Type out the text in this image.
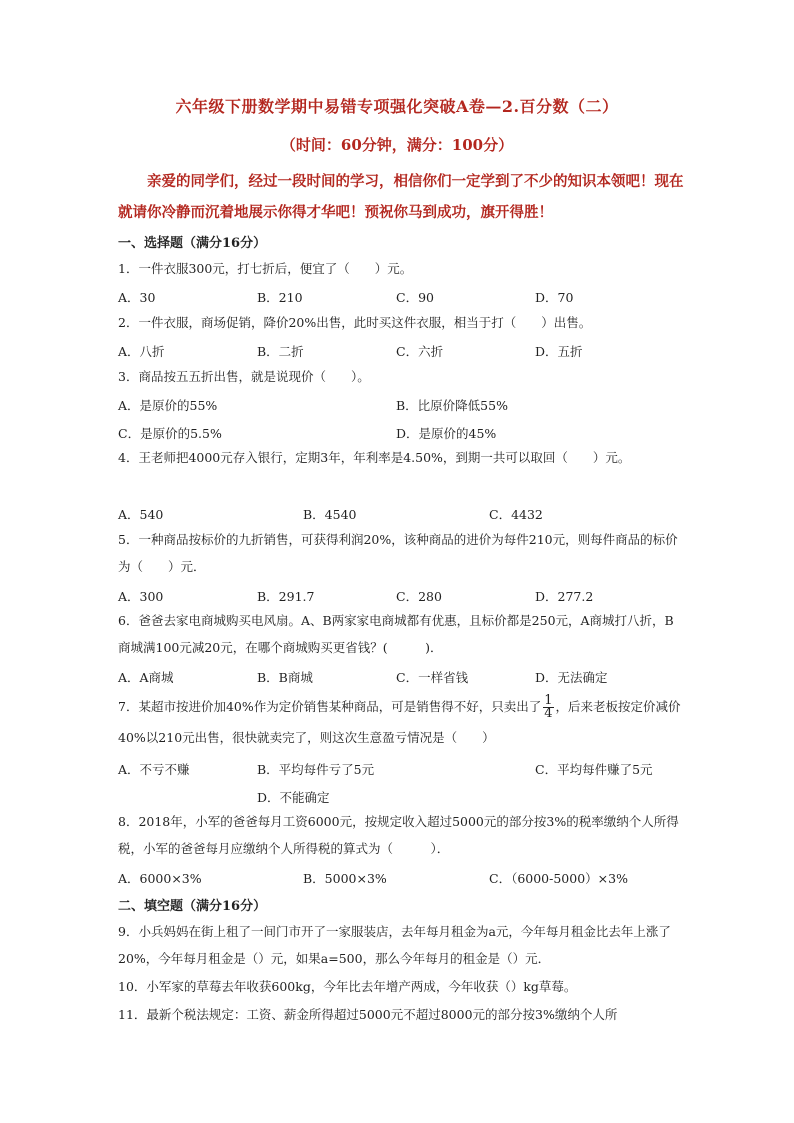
六年级下册数学期中易错专项强化突破A卷—2.百分数（二）
（时间：60分钟，满分：100分）
亲爱的同学们，经过一段时间的学习，相信你们一定学到了不少的知识本领吧！现在就请你冷静而沉着地展示你得才华吧！预祝你马到成功，旗开得胜！
一、选择题（满分16分）
1．一件衣服300元，打七折后，便宜了（　　）元。
A．30	B．210	C．90	D．70
2．一件衣服，商场促销，降价20%出售，此时买这件衣服，相当于打（　　）出售。
A．八折	B．二折	C．六折	D．五折
3．商品按五五折出售，就是说现价（　　）。
A．是原价的55%	B．比原价降低55%
C．是原价的5.5%	D．是原价的45%
4．王老师把4000元存入银行，定期3年，年利率是4.50%，到期一共可以取回（　　）元。
A．540	B．4540	C．4432
5．一种商品按标价的九折销售，可获得利润20%，该种商品的进价为每件210元，则每件商品的标价为（　　）元．
A．300	B．291.7	C．280	D．277.2
6．爸爸去家电商城购买电风扇。A、B两家家电商城都有优惠，且标价都是250元，A商城打八折，B商城满100元减20元，在哪个商城购买更省钱？(　　　)．
A．A商城	B．B商城	C．一样省钱	D．无法确定
7．某超市按进价加40%作为定价销售某种商品，可是销售得不好，只卖出了 $\frac{1}{4}$ ，后来老板按定价减价40%以210元出售，很快就卖完了，则这次生意盈亏情况是（　　）
A．不亏不赚	B．平均每件亏了5元	C．平均每件赚了5元
D．不能确定
8．2018年，小军的爸爸每月工资6000元，按规定收入超过5000元的部分按3%的税率缴纳个人所得税，小军的爸爸每月应缴纳个人所得税的算式为（　　　）．
A．6000×3%	B．5000×3%	C．（6000-5000）×3%
二、填空题（满分16分）
9．小兵妈妈在街上租了一间门市开了一家服装店，去年每月租金为a元，今年每月租金比去年上涨了20%，今年每月租金是（）元，如果a=500，那么今年每月的租金是（）元．
10．小军家的草莓去年收获600kg，今年比去年增产两成，今年收获（）kg草莓。
11．最新个税法规定：工资、薪金所得超过5000元不超过8000元的部分按3%缴纳个人所
